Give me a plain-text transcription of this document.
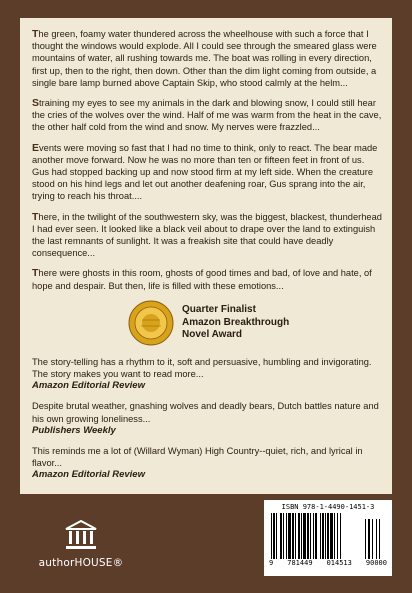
The green, foamy water thundered across the wheelhouse with such a force that I thought the windows would explode. All I could see through the smeared glass were mountains of water, all rushing towards me. The boat was rolling in every direction, first up, then to the right, then down. Other than the dim light coming from outside, a single bare lamp burned above Captain Skip, who stood calmly at the helm...

Straining my eyes to see my animals in the dark and blowing snow, I could still hear the cries of the wolves over the wind. Half of me was warm from the heat in the cave, the other half cold from the wind and snow. My nerves were frazzled...

Events were moving so fast that I had no time to think, only to react. The bear made another move forward. Now he was no more than ten or fifteen feet in front of us. Gus had stopped backing up and now stood firm at my left side. When the creature stood on his hind legs and let out another deafening roar, Gus sprang into the air, trying to reach his throat....

There, in the twilight of the southwestern sky, was the biggest, blackest, thunderhead I had ever seen. It looked like a black veil about to drape over the land to extinguish the last remnants of sunlight. It was a freakish site that could have deadly consequence...

There were ghosts in this room, ghosts of good times and bad, of love and hate, of hope and despair. But then, life is filled with these emotions...

Quarter Finalist
Amazon Breakthrough
Novel Award
The story-telling has a rhythm to it, soft and persuasive, humbling and invigorating. The story makes you want to read more...
Amazon Editorial Review
Despite brutal weather, gnashing wolves and deadly bears, Dutch battles nature and his own growing loneliness...
Publishers Weekly
This reminds me a lot of (Willard Wyman) High Country--quiet, rich, and lyrical in flavor...
Amazon Editorial Review
authorHOUSE®
ISBN 978-1-4490-1451-3
9 781449 014513 90000
